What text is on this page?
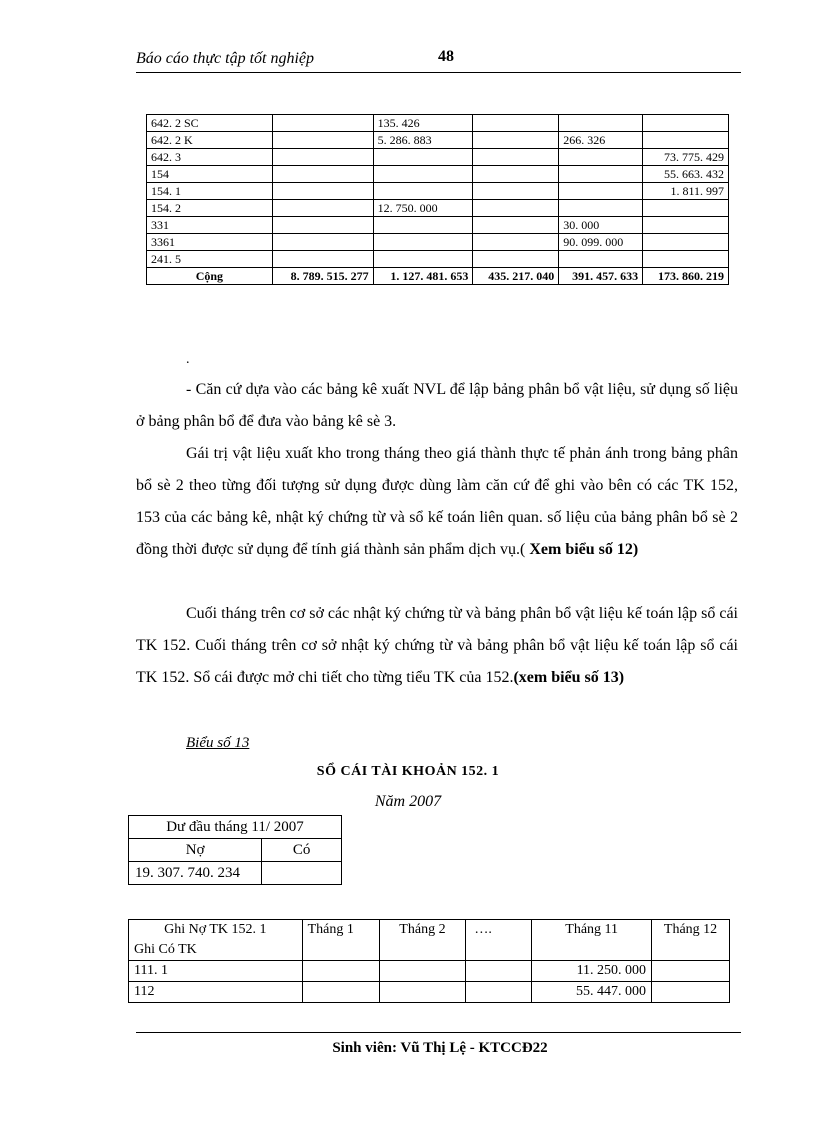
Báo cáo thực tập tốt nghiệp	48
642. 2 SC		135. 426			
642. 2 K		5. 286. 883		266. 326	
642. 3					73. 775. 429
154					55. 663. 432
154. 1					1. 811. 997
154. 2		12. 750. 000			
331				30. 000	
3361				90. 099. 000	
241. 5					
Cộng	8. 789. 515. 277	1. 127. 481. 653	435. 217. 040	391. 457. 633	173. 860. 219
.

- Căn cứ dựa vào các bảng kê xuất NVL để lập bảng phân bổ vật liệu, sử dụng số liệu ở bảng phân bổ để đưa vào bảng kê sè 3.

Gái trị vật liệu xuất kho trong tháng theo giá thành thực tế phản ánh trong bảng phân bổ sè 2 theo từng đối tượng sử dụng được dùng làm căn cứ để ghi vào bên có các TK 152, 153 của các bảng kê, nhật ký chứng từ và sổ kế toán liên quan. số liệu của bảng phân bổ sè 2 đồng thời được sử dụng để tính giá thành sản phẩm dịch vụ.( Xem biểu số 12)

Cuối tháng trên cơ sở các nhật ký chứng từ và bảng phân bổ vật liệu kế toán lập sổ cái TK 152. Cuối tháng trên cơ sở nhật ký chứng từ và bảng phân bổ vật liệu kế toán lập sổ cái TK 152. Sổ cái được mở chi tiết cho từng tiểu TK của 152.(xem biểu số 13)

Biểu số 13
SỔ CÁI TÀI KHOẢN 152. 1
Năm 2007
Dư đầu tháng 11/ 2007	
Nợ	Có
19. 307. 740. 234	
Ghi Nợ TK 152. 1
Ghi Có TK	Tháng 1	Tháng 2	….	Tháng 11	Tháng 12
111. 1				11. 250. 000	
112				55. 447. 000	
Sinh viên: Vũ Thị Lệ - KTCCĐ22
